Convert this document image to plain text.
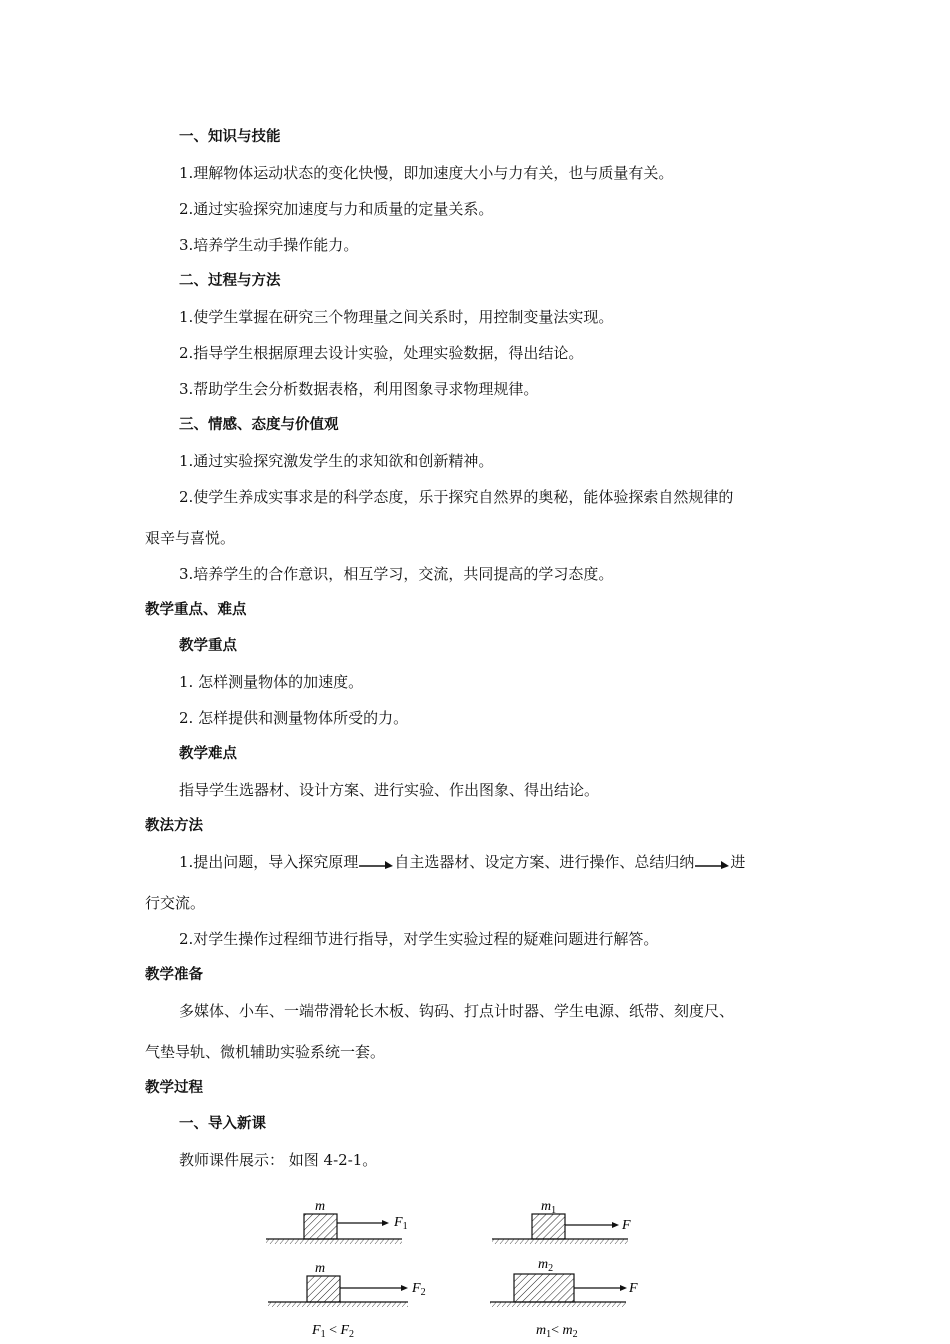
一、知识与技能
1.理解物体运动状态的变化快慢，即加速度大小与力有关，也与质量有关。
2.通过实验探究加速度与力和质量的定量关系。
3.培养学生动手操作能力。
二、过程与方法
1.使学生掌握在研究三个物理量之间关系时，用控制变量法实现。
2.指导学生根据原理去设计实验，处理实验数据，得出结论。
3.帮助学生会分析数据表格，利用图象寻求物理规律。
三、情感、态度与价值观
1.通过实验探究激发学生的求知欲和创新精神。
2.使学生养成实事求是的科学态度，乐于探究自然界的奥秘，能体验探索自然规律的
艰辛与喜悦。
3.培养学生的合作意识，相互学习，交流，共同提高的学习态度。
教学重点、难点
教学重点
1. 怎样测量物体的加速度。
2. 怎样提供和测量物体所受的力。
教学难点
指导学生选器材、设计方案、进行实验、作出图象、得出结论。
教法方法
1.提出问题，导入探究原理 自主选器材、设定方案、进行操作、总结归纳 进
行交流。
2.对学生操作过程细节进行指导，对学生实验过程的疑难问题进行解答。
教学准备
多媒体、小车、一端带滑轮长木板、钩码、打点计时器、学生电源、纸带、刻度尺、
气垫导轨、微机辅助实验系统一套。
教学过程
一、导入新课
教师课件展示： 如图 4-2-1。
m
$F_1$
$m_1$
F
m
$F_2$
$m_2$
F
$F_1 < F_2$	$m_1< m_2$
